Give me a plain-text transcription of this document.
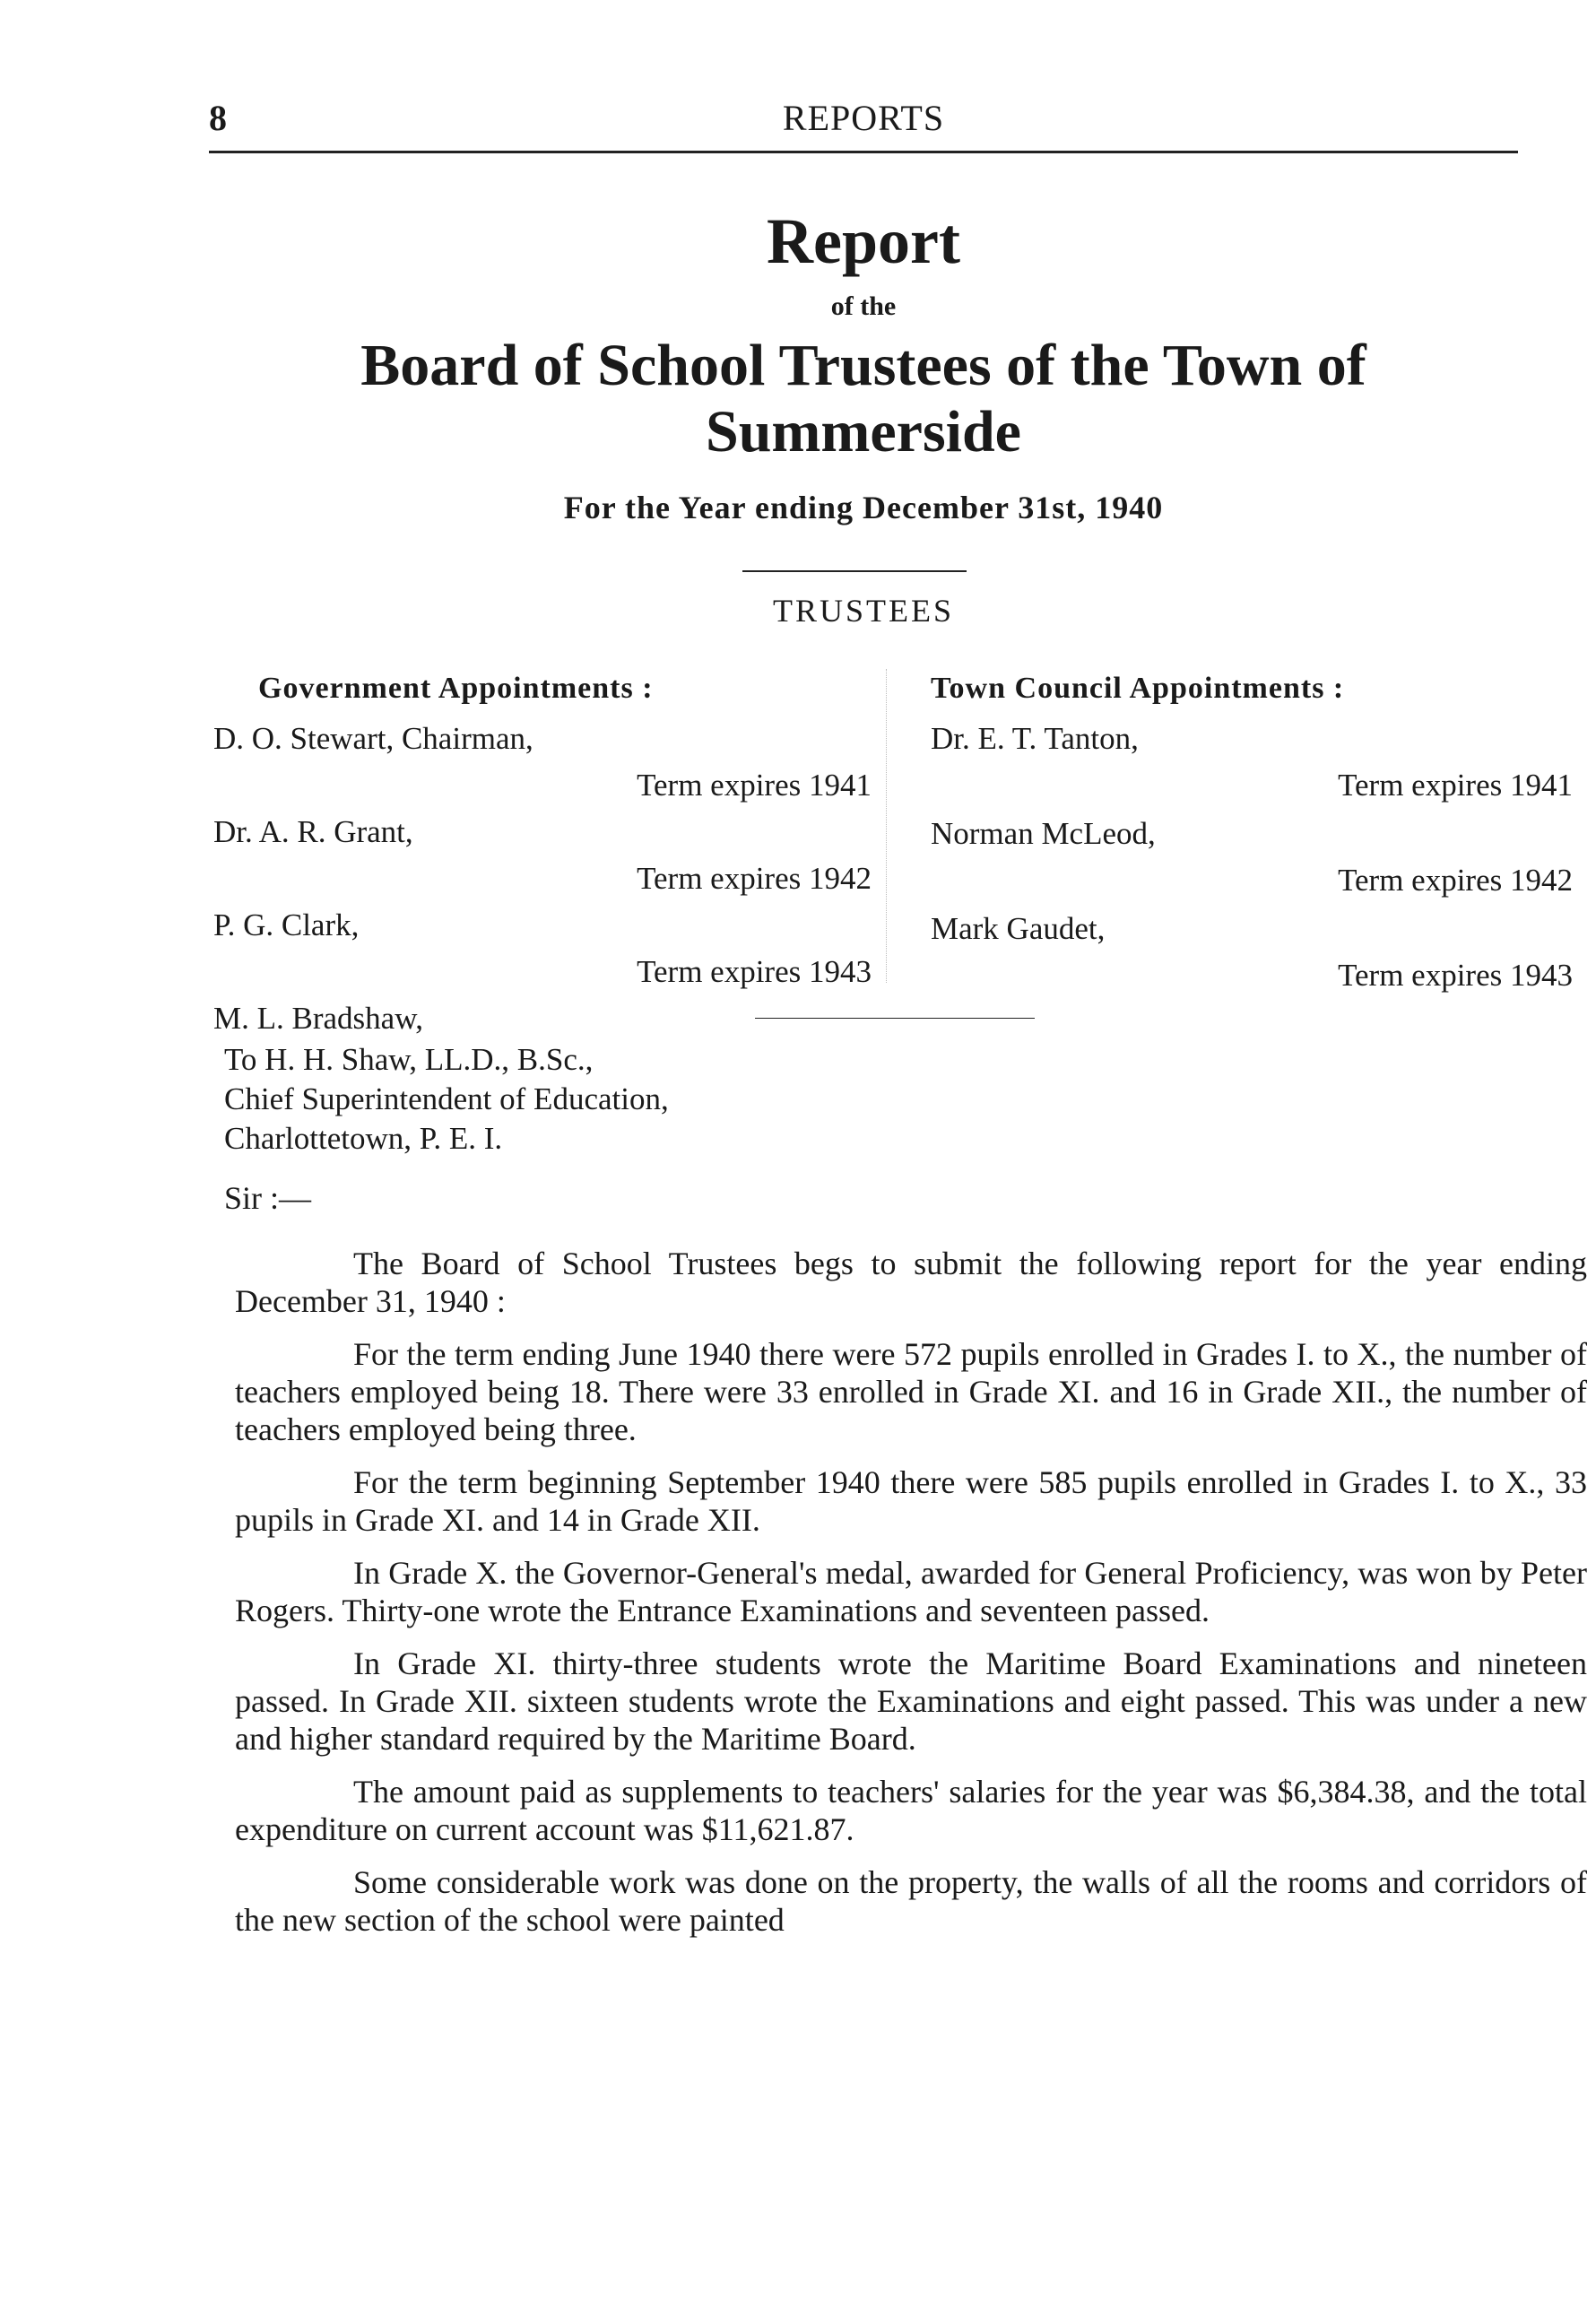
8	REPORTS
Report
of the
Board of School Trustees of the Town of Summerside
For the Year ending December 31st, 1940
TRUSTEES
Government Appointments :
D. O. Stewart, Chairman,
Term expires 1941
Dr. A. R. Grant,
Term expires 1942
P. G. Clark,
Term expires 1943
M. L. Bradshaw,
Town Council Appointments :
Dr. E. T. Tanton,
Term expires 1941
Norman McLeod,
Term expires 1942
Mark Gaudet,
Term expires 1943
To H. H. Shaw, LL.D., B.Sc.,
Chief Superintendent of Education,
Charlottetown, P. E. I.
Sir :—

The Board of School Trustees begs to submit the following report for the year ending December 31, 1940 :

For the term ending June 1940 there were 572 pupils enrolled in Grades I. to X., the number of teachers employed being 18. There were 33 enrolled in Grade XI. and 16 in Grade XII., the number of teachers employed being three.

For the term beginning September 1940 there were 585 pupils enrolled in Grades I. to X., 33 pupils in Grade XI. and 14 in Grade XII.

In Grade X. the Governor-General's medal, awarded for General Proficiency, was won by Peter Rogers. Thirty-one wrote the Entrance Examinations and seventeen passed.

In Grade XI. thirty-three students wrote the Maritime Board Examinations and nineteen passed. In Grade XII. sixteen students wrote the Examinations and eight passed. This was under a new and higher standard required by the Maritime Board.

The amount paid as supplements to teachers' salaries for the year was $6,384.38, and the total expenditure on current account was $11,621.87.

Some considerable work was done on the property, the walls of all the rooms and corridors of the new section of the school were painted
